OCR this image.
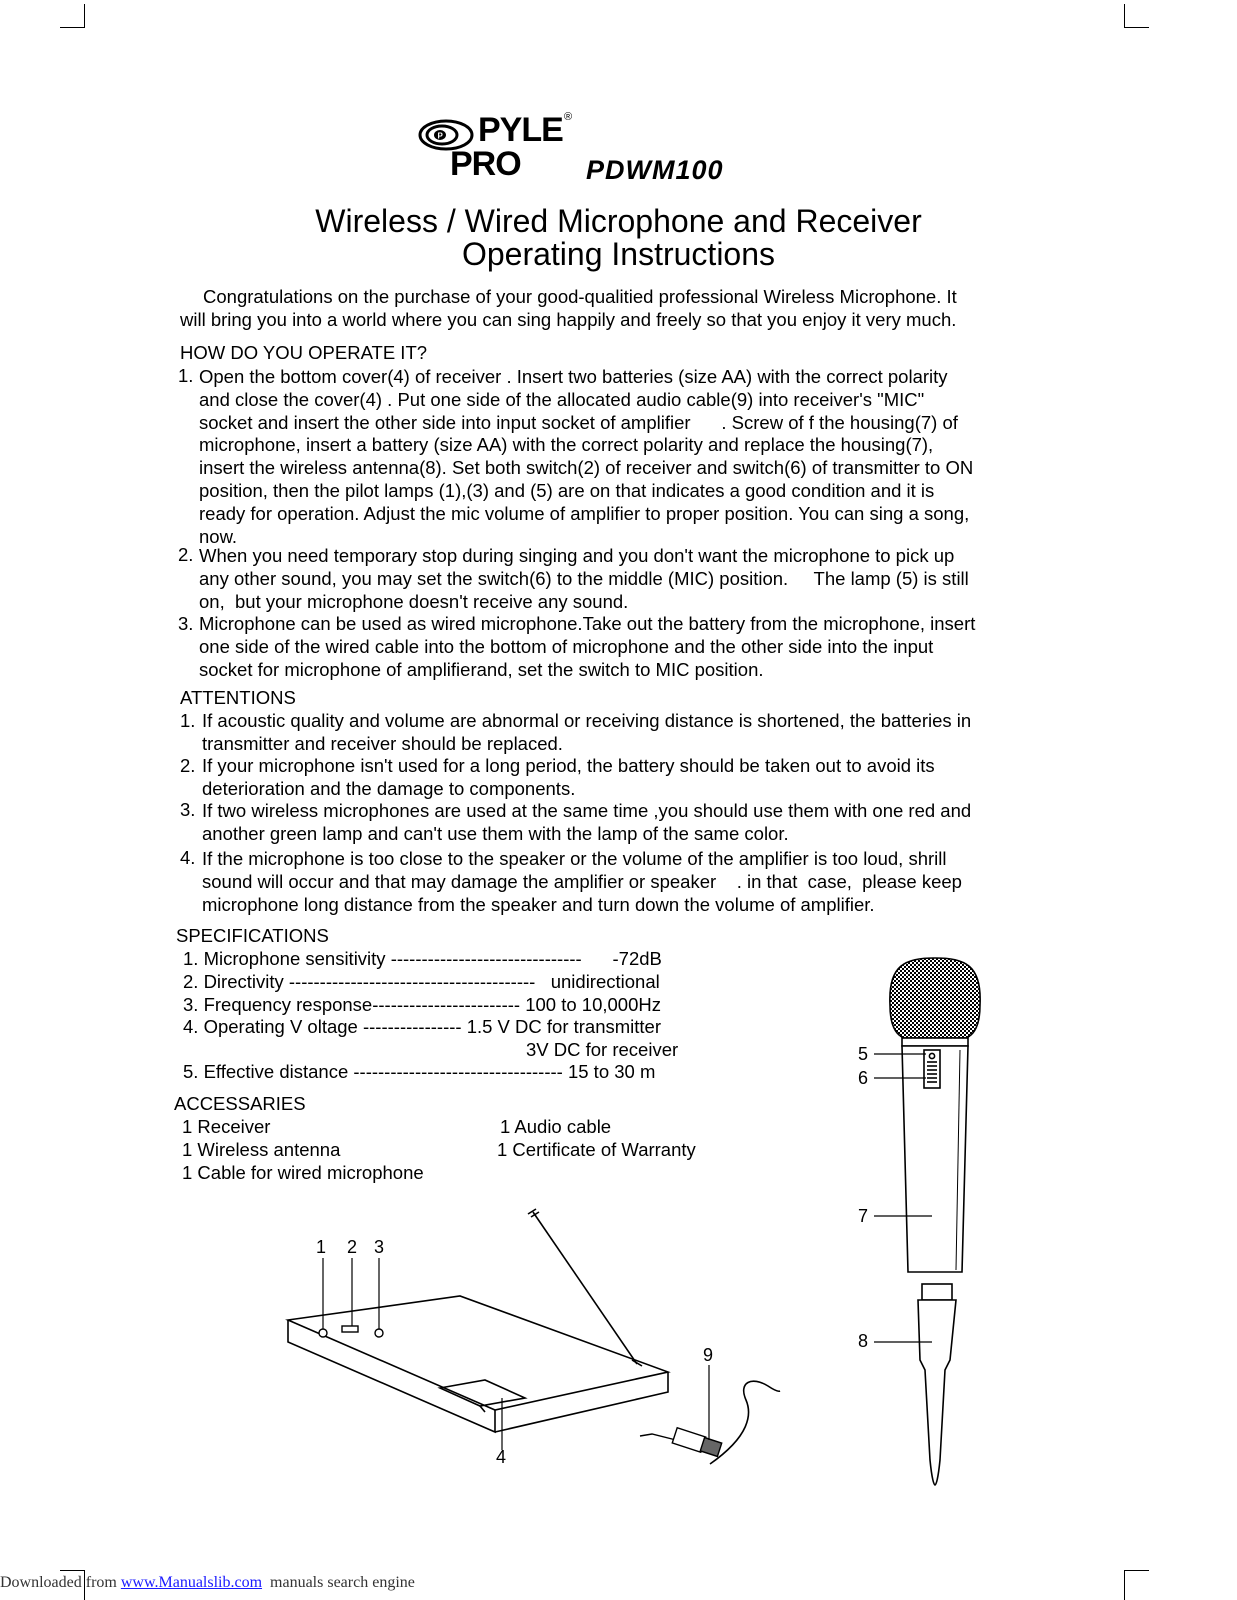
P PYLE ®
PRO PDWM100
Wireless / Wired Microphone and Receiver
Operating Instructions
Congratulations on the purchase of your good-qualitied professional Wireless Microphone. It
will bring you into a world where you can sing happily and freely so that you enjoy it very much.
HOW DO YOU OPERATE IT?
1. Open the bottom cover(4) of receiver . Insert two batteries (size AA) with the correct polarity
and close the cover(4) . Put one side of the allocated audio cable(9) into receiver's "MIC"
socket and insert the other side into input socket of amplifier      . Screw of f the housing(7) of
microphone, insert a battery (size AA) with the correct polarity and replace the housing(7),
insert the wireless antenna(8). Set both switch(2) of receiver and switch(6) of transmitter to ON
position, then the pilot lamps (1),(3) and (5) are on that indicates a good condition and it is
ready for operation. Adjust the mic volume of amplifier to proper position. You can sing a song,
now.
2. When you need temporary stop during singing and you don't want the microphone to pick up
any other sound, you may set the switch(6) to the middle (MIC) position.     The lamp (5) is still
on,  but your microphone doesn't receive any sound.
3. Microphone can be used as wired microphone.Take out the battery from the microphone, insert
one side of the wired cable into the bottom of microphone and the other side into the input
socket for microphone of amplifierand, set the switch to MIC position.
ATTENTIONS
1. If acoustic quality and volume are abnormal or receiving distance is shortened, the batteries in
transmitter and receiver should be replaced.
2. If your microphone isn't used for a long period, the battery should be taken out to avoid its
deterioration and the damage to components.
3. If two wireless microphones are used at the same time ,you should use them with one red and
another green lamp and can't use them with the lamp of the same color.
4. If the microphone is too close to the speaker or the volume of the amplifier is too loud, shrill
sound will occur and that may damage the amplifier or speaker    . in that  case,  please keep
microphone long distance from the speaker and turn down the volume of amplifier.
SPECIFICATIONS
1. Microphone sensitivity -------------------------------      -72dB
2. Directivity ----------------------------------------   unidirectional
3. Frequency response------------------------ 100 to 10,000Hz
4. Operating V oltage ---------------- 1.5 V DC for transmitter
3V DC for receiver
5. Effective distance ---------------------------------- 15 to 30 m
ACCESSARIES
1 Receiver
1 Wireless antenna
1 Cable for wired microphone
1 Audio cable
1 Certificate of Warranty
1 2 3
4
9
5
6
7
8
Downloaded from www.Manualslib.com  manuals search engine
